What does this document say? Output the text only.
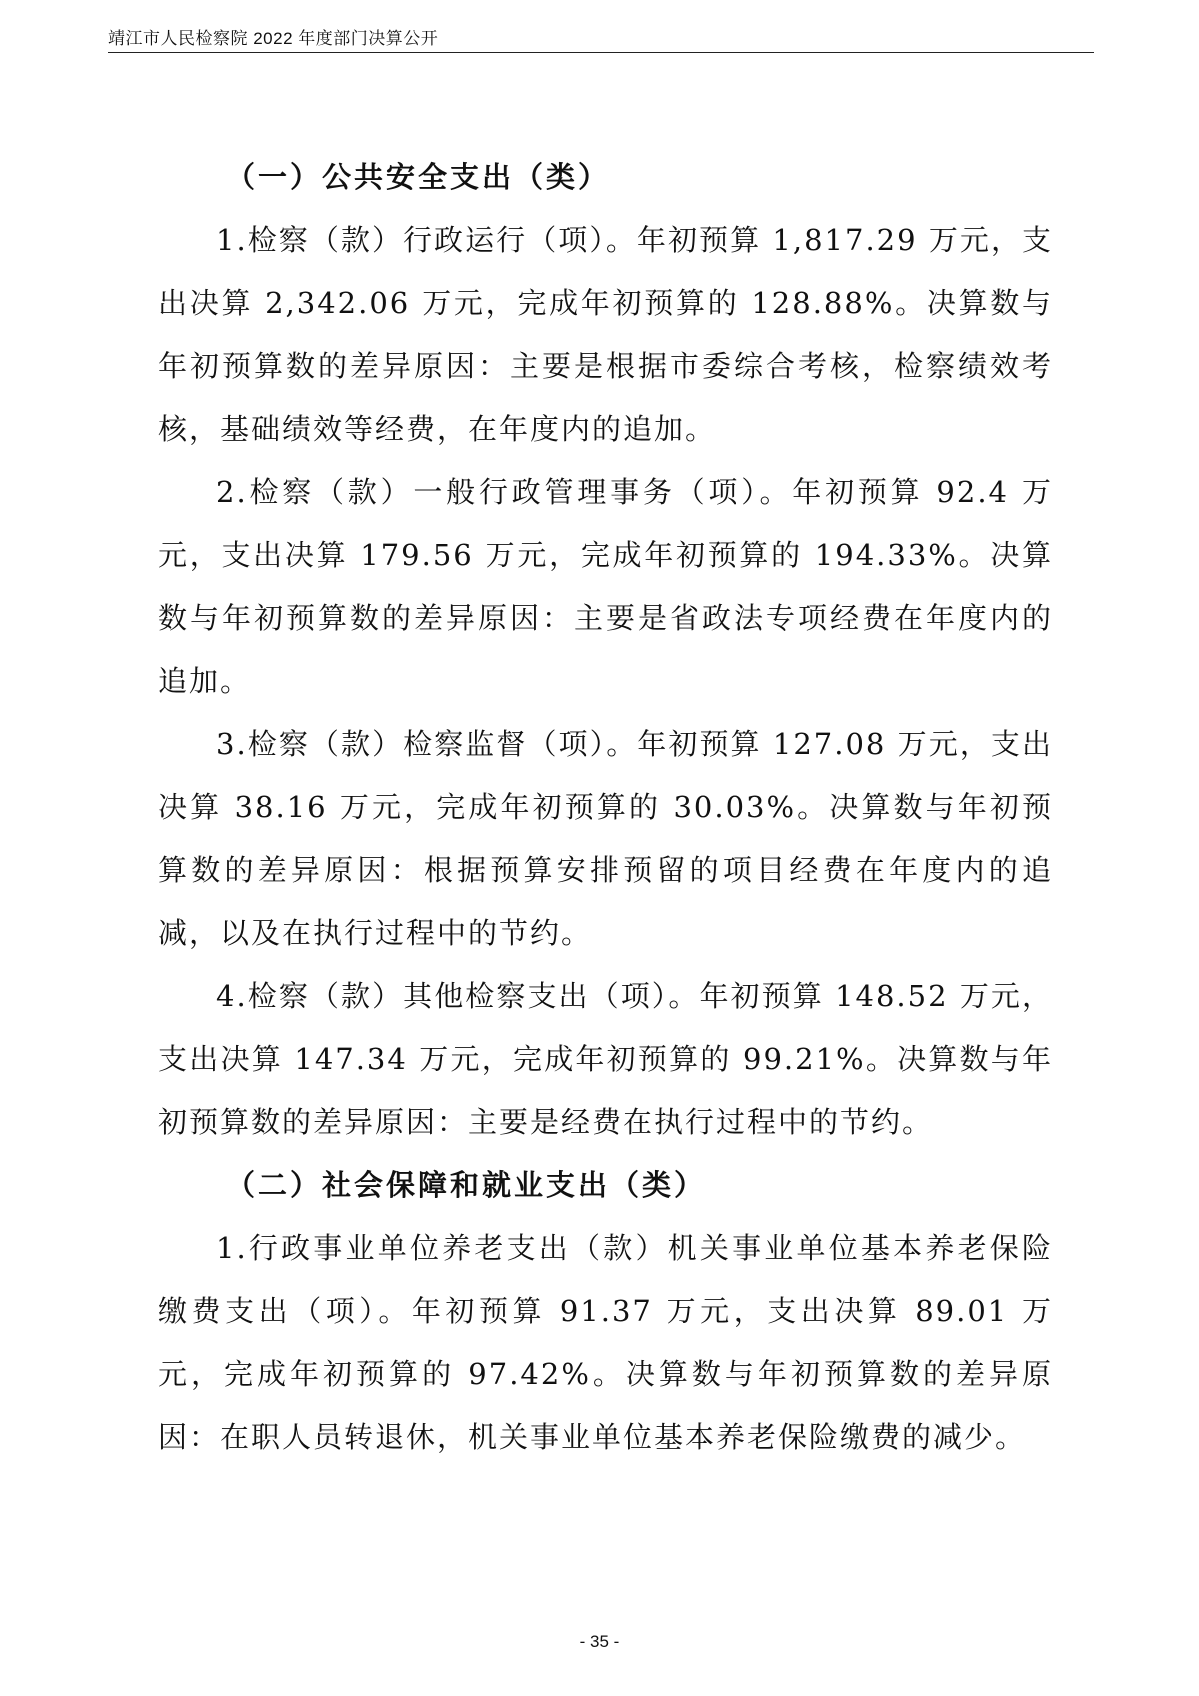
靖江市人民检察院 2022 年度部门决算公开
（一）公共安全支出（类）

1.检察（款）行政运行（项）。年初预算 1,817.29 万元，支出决算 2,342.06 万元，完成年初预算的 128.88%。决算数与年初预算数的差异原因：主要是根据市委综合考核，检察绩效考核，基础绩效等经费，在年度内的追加。

2.检察（款）一般行政管理事务（项）。年初预算 92.4 万元，支出决算 179.56 万元，完成年初预算的 194.33%。决算数与年初预算数的差异原因：主要是省政法专项经费在年度内的追加。

3.检察（款）检察监督（项）。年初预算 127.08 万元，支出决算 38.16 万元，完成年初预算的 30.03%。决算数与年初预算数的差异原因：根据预算安排预留的项目经费在年度内的追减，以及在执行过程中的节约。

4.检察（款）其他检察支出（项）。年初预算 148.52 万元，支出决算 147.34 万元，完成年初预算的 99.21%。决算数与年初预算数的差异原因：主要是经费在执行过程中的节约。

（二）社会保障和就业支出（类）

1.行政事业单位养老支出（款）机关事业单位基本养老保险缴费支出（项）。年初预算 91.37 万元，支出决算 89.01 万元，完成年初预算的 97.42%。决算数与年初预算数的差异原因：在职人员转退休，机关事业单位基本养老保险缴费的减少。

- 35 -
